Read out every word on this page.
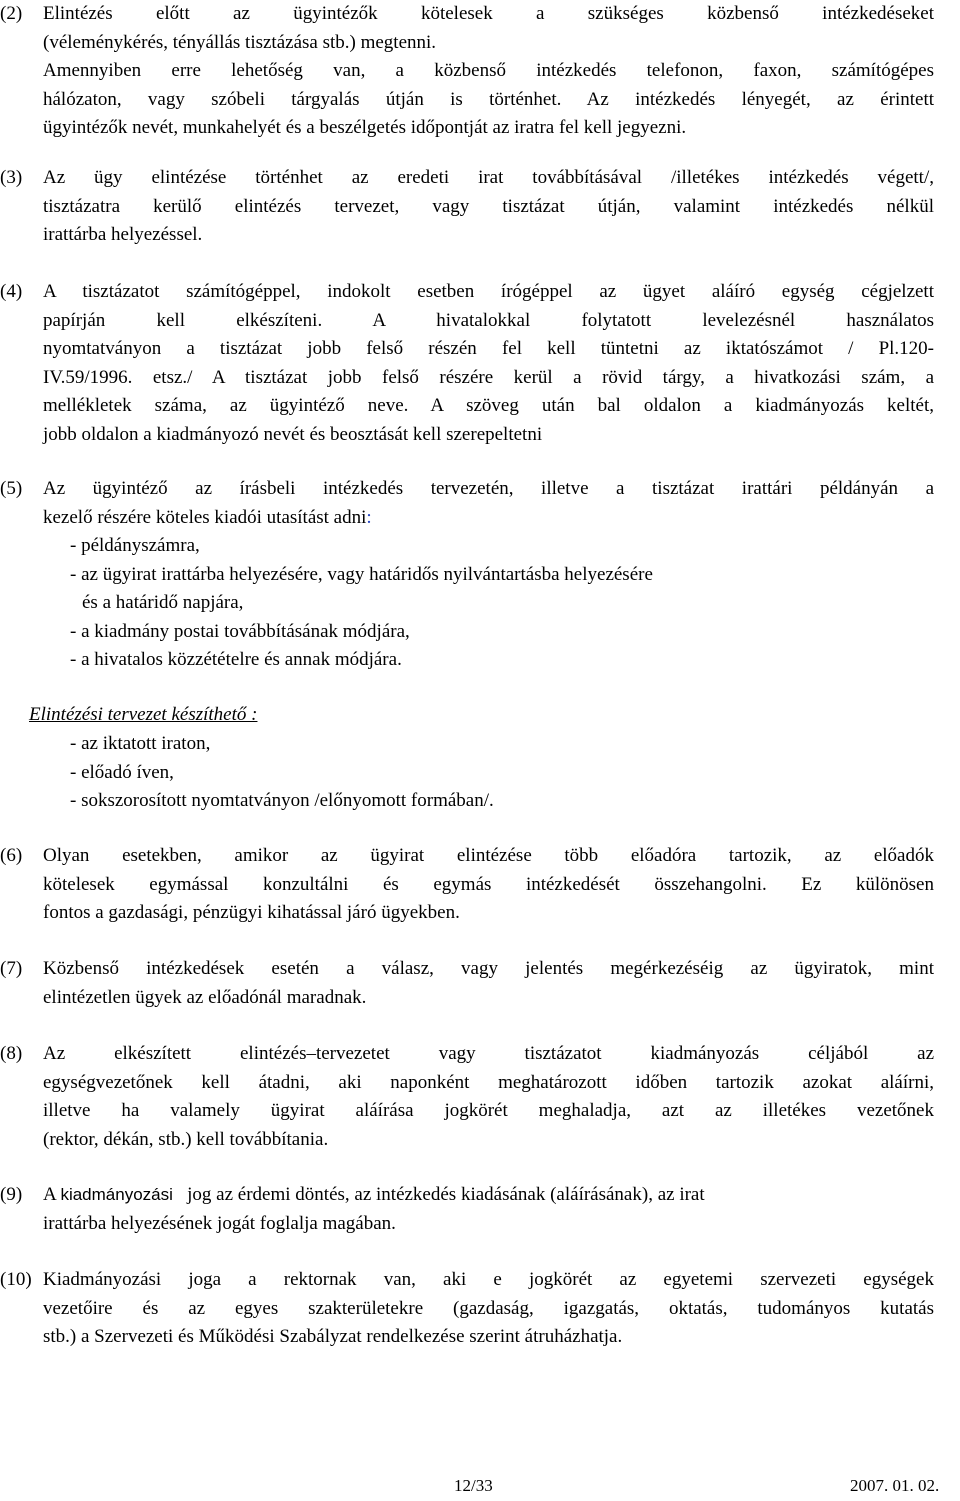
(2)	Elintézés előtt az ügyintézők kötelesek a szükséges közbenső intézkedéseket
(véleménykérés, tényállás tisztázása stb.) megtenni.
Amennyiben erre lehetőség van, a közbenső intézkedés telefonon, faxon, számítógépes
hálózaton, vagy szóbeli tárgyalás útján is történhet. Az intézkedés lényegét, az érintett
ügyintézők nevét, munkahelyét és a beszélgetés időpontját az iratra fel kell jegyezni.
(3)	Az ügy elintézése történhet az eredeti irat továbbításával /illetékes intézkedés végett/,
tisztázatra kerülő elintézés tervezet, vagy tisztázat útján, valamint intézkedés nélkül
irattárba helyezéssel.
(4)	A tisztázatot számítógéppel, indokolt esetben írógéppel az ügyet aláíró egység cégjelzett
papírján kell elkészíteni. A hivatalokkal folytatott levelezésnél használatos
nyomtatványon a tisztázat jobb felső részén fel kell tüntetni az iktatószámot / Pl.120-
IV.59/1996. etsz./ A tisztázat jobb felső részére kerül a rövid tárgy, a hivatkozási szám, a
mellékletek száma, az ügyintéző neve. A szöveg után bal oldalon a kiadmányozás keltét,
jobb oldalon a kiadmányozó nevét és beosztását kell szerepeltetni
(5)	Az ügyintéző az írásbeli intézkedés tervezetén, illetve a tisztázat irattári példányán a
kezelő részére köteles kiadói utasítást adni:
- példányszámra,
- az ügyirat irattárba helyezésére, vagy határidős nyilvántartásba helyezésére
és a határidő napjára,
- a kiadmány postai továbbításának módjára,
- a hivatalos közzétételre és annak módjára.
Elintézési tervezet készíthető :
- az iktatott iraton,
- előadó íven,
- sokszorosított nyomtatványon /előnyomott formában/.
(6)	Olyan esetekben, amikor az ügyirat elintézése több előadóra tartozik, az előadók
kötelesek egymással konzultálni és egymás intézkedését összehangolni. Ez különösen
fontos a gazdasági, pénzügyi kihatással járó ügyekben.
(7)	Közbenső intézkedések esetén a válasz, vagy jelentés megérkezéséig az ügyiratok, mint
elintézetlen ügyek az előadónál maradnak.
(8)	Az elkészített elintézés–tervezetet vagy tisztázatot kiadmányozás céljából az
egységvezetőnek kell átadni, aki naponként meghatározott időben tartozik azokat aláírni,
illetve ha valamely ügyirat aláírása jogkörét meghaladja, azt az illetékes vezetőnek
(rektor, dékán, stb.) kell továbbítania.
(9)	A kiadmányozási jog az érdemi döntés, az intézkedés kiadásának (aláírásának), az irat
irattárba helyezésének jogát foglalja magában.
(10) Kiadmányozási joga a rektornak van, aki e jogkörét az egyetemi szervezeti egységek
vezetőire és az egyes szakterületekre (gazdaság, igazgatás, oktatás, tudományos kutatás
stb.) a Szervezeti és Működési Szabályzat rendelkezése szerint átruházhatja.
12/33	2007. 01. 02.
